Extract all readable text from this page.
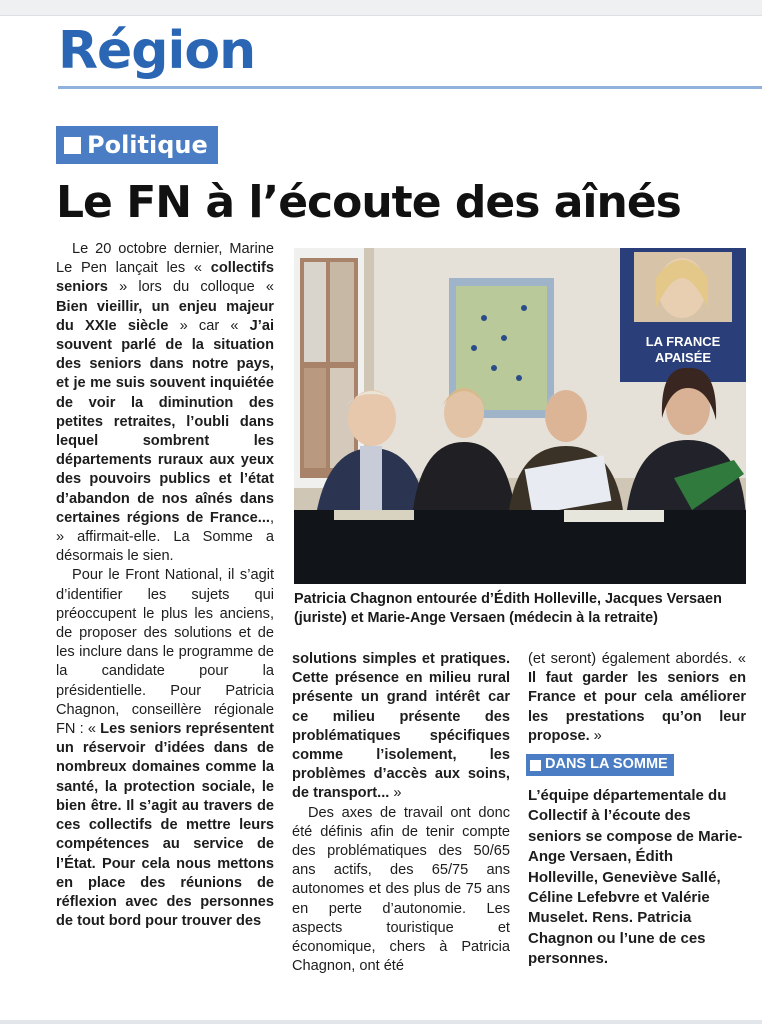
Région
Politique
Le FN à l’écoute des aînés

Le 20 octobre dernier, Marine Le Pen lançait les « collectifs seniors » lors du colloque « Bien vieillir, un enjeu majeur du XXIe siècle » car « J’ai souvent parlé de la situation des seniors dans notre pays, et je me suis souvent inquiétée de voir la diminution des petites retraites, l’oubli dans lequel sombrent les départements ruraux aux yeux des pouvoirs publics et l’état d’abandon de nos aînés dans certaines régions de France..., » affirmait-elle. La Somme a désormais le sien.

Pour le Front National, il s’agit d’identifier les sujets qui préoccupent le plus les anciens, de proposer des solutions et de les inclure dans le programme de la candidate pour la présidentielle. Pour Patricia Chagnon, conseillère régionale FN : « Les seniors représentent un réservoir d’idées dans de nombreux domaines comme la santé, la protection sociale, le bien être. Il s’agit au travers de ces collectifs de mettre leurs compétences au service de l’État. Pour cela nous mettons en place des réunions de réflexion avec des personnes de tout bord pour trouver des

LA FRANCE
APAISÉE
Patricia Chagnon entourée d’Édith Holleville, Jacques Versaen (juriste) et Marie-Ange Versaen (médecin à la retraite)

solutions simples et pratiques. Cette présence en milieu rural présente un grand intérêt car ce milieu présente des problématiques spécifiques comme l’isolement, les problèmes d’accès aux soins, de transport... »

Des axes de travail ont donc été définis afin de tenir compte des problématiques des 50/65 ans actifs, des 65/75 ans autonomes et des plus de 75 ans en perte d’autonomie. Les aspects touristique et économique, chers à Patricia Chagnon, ont été

(et seront) également abordés. « Il faut garder les seniors en France et pour cela améliorer les prestations qu’on leur propose. »

DANS LA SOMME

L’équipe départementale du Collectif à l’écoute des seniors se compose de Marie-Ange Versaen, Édith Holleville, Geneviève Sallé, Céline Lefebvre et Valérie Muselet. Rens. Patricia Chagnon ou l’une de ces personnes.
